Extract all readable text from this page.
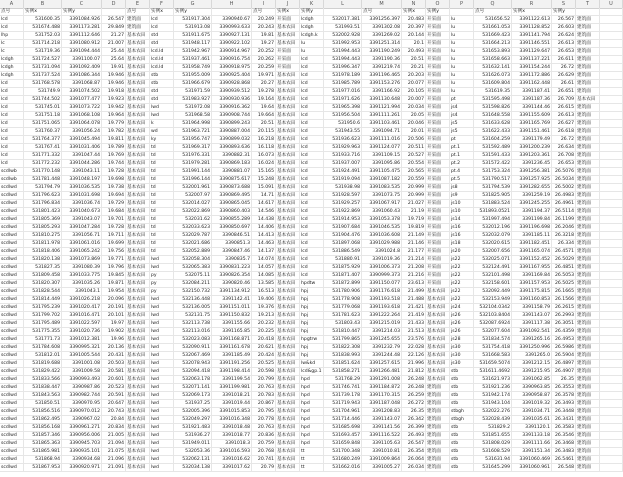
A	B	C	D	E	F	G	H	I	J	K	L	M	N	O	P	Q	R	S	T	U
点号	实例x	实例y	点号	实例x	实例y	点号	实例x	实例y	点号	实例x	实例y	点号	实例x	实例y
lcd	531600.35	3391084.926	26.547 建筑面	lcd	531917.304	3390940.67	20.249 开采面	lcdgh	532017.381	3391256.397	20.483 开采面	lu	531656.52	3391122.613	26.567 建筑面
lcd	531674.488	3391173.281	29.849 建筑面	lcd	531913.08	3390993.633	20.243 基本农田	lcdgh	531993.51	3391302.08	20.397 开采面	lu	531661.053	3391128.852	26.603 建筑面
lhp	531752.03	3391112.646	21.27 基本农田	std	531911.675	3390927.131	19.81 基本农田	lcdgh.k	532002.928	3391269.02	20.144 开采面	lu	531669.423	3391141.794	26.624 建筑面
lc	531714.218	3391080.912	21.007 基本农田	std	531948.117	3390922.102	19.27 基本农田	lu	531992.953	3391251.314	20.1 开采面	lu	531664.213	3391146.551	26.613 建筑面
lc	531719.36	3391094.444	25.44 基本农田	lcd.ld	531942.967	3390914.967	20.252 开采面	lu	531994.443	3391190.249	20.493 开采面	lu	531653.893	3391129.647	26.653 建筑面
lcdgh	531724.527	3391100.07	25.64 基本农田	lcd.ld	531937.461	3390916.754	20.262 开采面	lcd	531994.443	3391190.36	20.51 开采面	lu	531658.663	3391137.221	26.611 建筑面
lcdgh	531731.094	3391092.409	19.91 基本农田	lcd.ld	531958.749	3390918.975	20.259 开采面	lcd	531996.347	3391219.74	20.21 开采面	lu	531632.141	3391154.244	26.72 建筑面
lcdgh	531737.524	3391086.344	19.946 基本农田	stb	531955.009	3390925.404	19.971 基本农田	lcd	531978.189	3391196.465	20.203 开采面	lu	531626.073	3391172.886	26.629 建筑面
lcd	531768.578	3391068.87	19.946 基本农田	stb	531966.679	3390928.868	20.27 基本农田	lcd	531985.789	3391153.276	20.077 开采面	lu	531609.804	3391162.448	26.61 建筑面
lcd	531749.9	3391074.502	19.918 基本农田	std	531971.59	3390939.512	19.278 基本农田	lcd	531977.016	3391166.92	20.105 开采面	lu	531619.35	3391187.41	26.651 建筑面
lcd	531744.502	3391077.477	19.923 基本农田	std	531983.927	3390930.936	19.164 基本农田	lcd	531971.626	3391130.648	20.007 开采面	pt	531595.498	3391187.36	26.709 基本农田
lcd	531745.01	3391073.722	19.942 基本农田	lwd	531972.08	3390916.362	19.64 基本农田	lcd	531965.398	3391121.994	20.034 开采面	js4	531598.826	3391144.46	26.615 建筑面
lcd	531751.18	3391068.108	19.964 基本农田	lwd	531968.58	3390908.744	19.664 基本农田	lcd	531956.504	3391111.261	20.05 开采面	js4	531648.558	3391155.609	26.613 建筑面
lcd	531751.065	3391064.078	19.779 基本农田	k	531964.998	3390899.243	20.51 基本农田	lcd	531950.6	3391103.461	20.046 开采面	js5	531633.628	3391165.769	26.627 建筑面
lcd	531760.37	3391056.24	19.782 基本农田	wd	531963.721	3390887.004	20.115 基本农田	lcd	531943.55	3391094.71	20.01 开采面	js5	531622.433	3391151.461	26.618 建筑面
lcd	531764.377	3391045.494	19.811 基本农田	ky	531956.747	3390899.032	16.218 基本农田	lcd	531936.623	3391111.016	20.506 开采面	pt	531604.259	3391179.49	26.72 建筑面
lcd	531767.41	3391031.406	19.789 基本农田	td	531969.317	3390893.636	16.118 基本农田	lcd	531929.963	3391124.077	20.511 开采面	pt.1	531592.489	3391200.239	26.634 建筑面
lcd	531771.332	3391047.44	19.769 基本农田	td	531976.331	3390882.31	16.073 基本农田	lcd	531933.716	3391109.15	20.527 开采面	pt.1	531591.433	3391203.361	26.708 建筑面
lcd	531772.232	3391044.286	19.744 基本农田	td	531979.281	3390869.183	16.024 基本农田	lcd	531937.007	3391095.86	20.554 开采面	pt.2	531572.422	3391236.45	26.653 建筑面
scdlwb	531770.148	3391043.11	19.728 基本农田	td	531991.144	3390881.07	15.165 基本农田	lcd	531924.491	3391105.475	20.565 开采面	pt.4	531753.324	3391256.381	26.5076 建筑面
scdlwb	531781.448	3391048.197	19.698 基本农田	td	531996.144	3390875.617	15.248 基本农田	lcd	531919.094	3391087.182	20.559 开采面	pt.5	531790.517	3391257.925	26.5034 建筑面
scdlwd	531794.79	3391036.535	19.738 基本农田	td	532001.961	3390873.688	15.091 基本农田	lcd	531938.98	3391083.535	20.999 开采面	js8	531794.539	3391282.655	26.5002 建筑面
scdlwd	531796.623	3391031.698	19.694 基本农田	td	532007.97	3390869.495	14.71 基本农田	lcd	531928.597	3391073.75	20.999 开采面	js9	531825.905	3391259.19	26.4983 建筑面
scdlwd	531796.834	3391036.74	19.729 基本农田	td	532014.027	3390865.045	14.617 基本农田	lcd	531929.257	3391067.917	21.027 开采面	js10	531883.524	3391245.255	26.4961 建筑面
scdlwd	531801.423	3391040.673	19.684 基本农田	td	532022.869	3390860.403	14.546 基本农田	lcd	531922.869	3391060.43	21.19 开采面	js10	531893.0521	3391194.37	26.5114 建筑面
scdlwd	531805.369	3391043.07	19.701 基本农田	td	532031.62	3390855.289	14.438 基本农田	lcd	531914.953	3391053.378	19.719 开采面	js14	531997.494	3391199.84	26.1199 建筑面
scdlwd	531805.293	3391047.284	19.728 基本农田	td	532033.623	3390850.697	14.406 基本农田	lcd	531907.684	3391046.535	19.819 开采面	js16	532012.196	3391196.698	26.2046 建筑面
scdlwd	531810.275	3391056.71	19.711 基本农田	td	532029.787	3390846.51	14.413 基本农田	lcd	531904.476	3391036.608	21.149 开采面	js16	532032.079	3391185.11	26.3218 建筑面
scdlwd	531811.978	3391061.016	19.699 基本农田	td	532021.686	3390851.3	14.463 基本农田	lcd	531897.068	3391029.988	21.146 开采面	js18	532020.615	3391182.451	26.334 建筑面
scdlwd	531818.406	3391065.242	19.756 基本农田	td	532052.889	3390847.46	14.137 基本农田	lcd	531886.549	3391024.8	21.177 开采面	js20	532007.656	3391165.074	26.4571 建筑面
scdlwd	531820.138	3391073.869	19.771 基本农田	lwd	532058.304	3390835.7	14.074 基本农田	lcd	531880.91	3391019.36	21.214 开采面	js22	532025.071	3391152.452	26.5029 建筑面
scdlwd	531827.35	3391080.39	19.796 基本农田	lwd	532065.383	3390831.223	14.057 基本农田	lcd	531875.929	3391006.373	21.208 开采面	js22	532124.491	3391167.955	26.4851 建筑面
scdlwd	531809.458	3391033.775	19.845 基本农田	py	532075.11	3390826.354	14.085 基本农田	lcd	531871.407	3390999.373	21.216 开采面	js22	532101.498	3391169.84	26.5053 建筑面
scdlwd	531820.307	3391035.26	19.871 基本农田	py	532084.211	3390820.46	13.585 基本农田	hpdtw	531872.899	3391150.077	23.613 开采面	js22	532158.601	3391157.953	26.5025 建筑面
scdlwd	531828.544	3391043.1	19.954 基本农田	py	532150.732	3391134.912	16.513 基本农田	hpj	531780.906	3391176.618	21.499 基本农田	js22	532092.449	3391175.815	26.1665 建筑面
scdlwd	531814.449	3391026.218	20.096 基本农田	lwd	532136.448	3391142.41	19.406 基本农田	hpj	531778.908	3391193.518	21.488 基本农田	js22	532153.949	3391160.853	26.1566 建筑面
scdlwd	531795.239	3391020.417	20.191 基本农田	lwd	532136.005	3391151.011	19.376 基本农田	hpj	531779.068	3391193.618	21.421 基本农田	js24	532104.0342	3391158.79	26.2615 建筑面
scdlwd	531799.702	3391016.471	20.101 基本农田	lwd	532131.75	3391150.832	19.213 基本农田	hpj	531781.623	3391222.264	21.419 基本农田	js26	532103.8404	3391143.07	26.2993 建筑面
scdlwd	531795.489	3391022.597	19.97 基本农田	lwd	532113.738	3391155.66	20.232 基本农田	hpj	531803.43	3391215.019	21.433 基本农田	js26	532087.6924	3391117.38	26.3051 建筑面
scdlwd	531775.355	3391020.736	19.902 基本农田	lwd	532113.016	3391165.85	20.225 基本农田	hpj	531810.447	3391214.03	21.513 基本农田	js26	532077.604	3391092.541	26.4359 建筑面
scdlwd	531771.73	3391012.381	19.96 基本农田	lwd	532023.083	3391168.871	20.418 基本农田	hpgtrw	531799.865	3391245.655	23.576 基本农田	js28	531834.574	3391265.16	26.4953 建筑面
scdlwd	531784.608	3390995.321	20.136 基本农田	lwd	532090.911	3391161.678	20.621 基本农田	hpj	531822.308	3391232.79	22.028 基本农田	js30	531754.418	3391250.996	26.5986 建筑面
scdlwd	531812.01	3391005.544	20.431 基本农田	lwd	532067.469	3391185.49	20.424 基本农田	hpj	531838.993	3391244.48	22.126 基本农田	js30	531668.583	3391265.0	26.5904 建筑面
scdlwd	531819.688	3391001.08	20.503 基本农田	lwd	532078.943	3391191.256	20.525 基本农田	lw&kd	531851.624	3391257.615	21.996 基本农田	js30	531659.5074	3391212.15	26.4897 建筑面
scdlwd	531829.422	3391009.58	20.581 基本农田	lwd	532094.418	3391198.414	20.598 基本农田	lcd&gp.1	531858.271	3391266.481	21.812 基本农田	stb	531611.4692	3391215.95	26.4907 建筑面
scdlwd	531833.566	3390993.493	20.601 基本农田	lwd	532063.178	3391199.54	20.799 基本农田	hpd	531768.29	3391291.008	26.248 基本农田	stb	531621.973	3391062.85	26.35 建筑面
scdlwd	531838.447	3390987.86	20.523 基本农田	lwd	532071.141	3391199.981	20.763 基本农田	hpd	531746.741	3391184.872	26.248 建筑面	stb	531921.236	3390963.85	26.3553 建筑面
scdlwd	531843.563	3390982.744	20.591 基本农田	lwd	532069.173	3391018.21	20.783 基本农田	hpd	531739.178	3391170.315	26.259 建筑面	stb	531942.174	3390958.87	26.3578 建筑面
scdlwd	531850.51	3390970.95	20.647 基本农田	lwd	531937.25	3391019.44	20.867 基本农田	hpd	531719.943	3391187.048	26.272 建筑面	stb	531943.104	3391019.32	26.3493 建筑面
scdlwd	531856.516	3390970.012	20.743 基本农田	lwd	532005.396	3391015.853	20.795 基本农田	hpd	531704.961	3391208.83	26.35 建筑面	stbgh	532022.276	3391034.71	26.3448 建筑面
scdlwd	531862.495	3390967.02	20.84 基本农田	lwd	532049.297	3391016.348	20.778 基本农田	hpd	531714.446	3391143.07	26.342 建筑面	stbgh	532028.439	3391035.61	26.3431 建筑面
scdlwd	531856.168	3390961.271	20.834 基本农田	lwd	531921.483	3391018.48	20.763 基本农田	hpd	531685.698	3391141.56	26.399 建筑面	stb	531829.2	3391120.1	26.3583 建筑面
scdlwd	531857.346	3390956.006	21.005 基本农田	lwd	531936.27	3391018.77	20.836 基本农田	hpd	531693.457	3391116.522	26.493 建筑面	stb	531851.655	3391133.18	26.3546 建筑面
scdlwd	531865.363	3390945.703	21.094 基本农田	lwd	531949.011	3391018.3	20.759 基本农田	hpd	531659.848	3391105.63	26.547 建筑面	stb	531808.029	3391111.66	26.3468 建筑面
scdlwd	531865.981	3390935.101	21.075 基本农田	lwd	532053.36	3391016.593	20.768 基本农田	tt	531700.348	3391010.81	26.354 建筑面	stb	531608.529	3391151.34	26.3483 建筑面
scdlwd	531868.94	3390934.68	21.096 基本农田	lwd	532062.131	3391016.62	20.741 基本农田	tt	531680.249	3391009.864	26.064 建筑面	stb	531631.94	3391060.469	26.5461 建筑面
scdlwd	531867.953	3390920.971	21.091 基本农田	lwd	532034.138	3391017.62	20.79 基本农田	tt	531662.016	3391005.27	26.034 建筑面	stb	531645.299	3391060.961	26.548 建筑面
